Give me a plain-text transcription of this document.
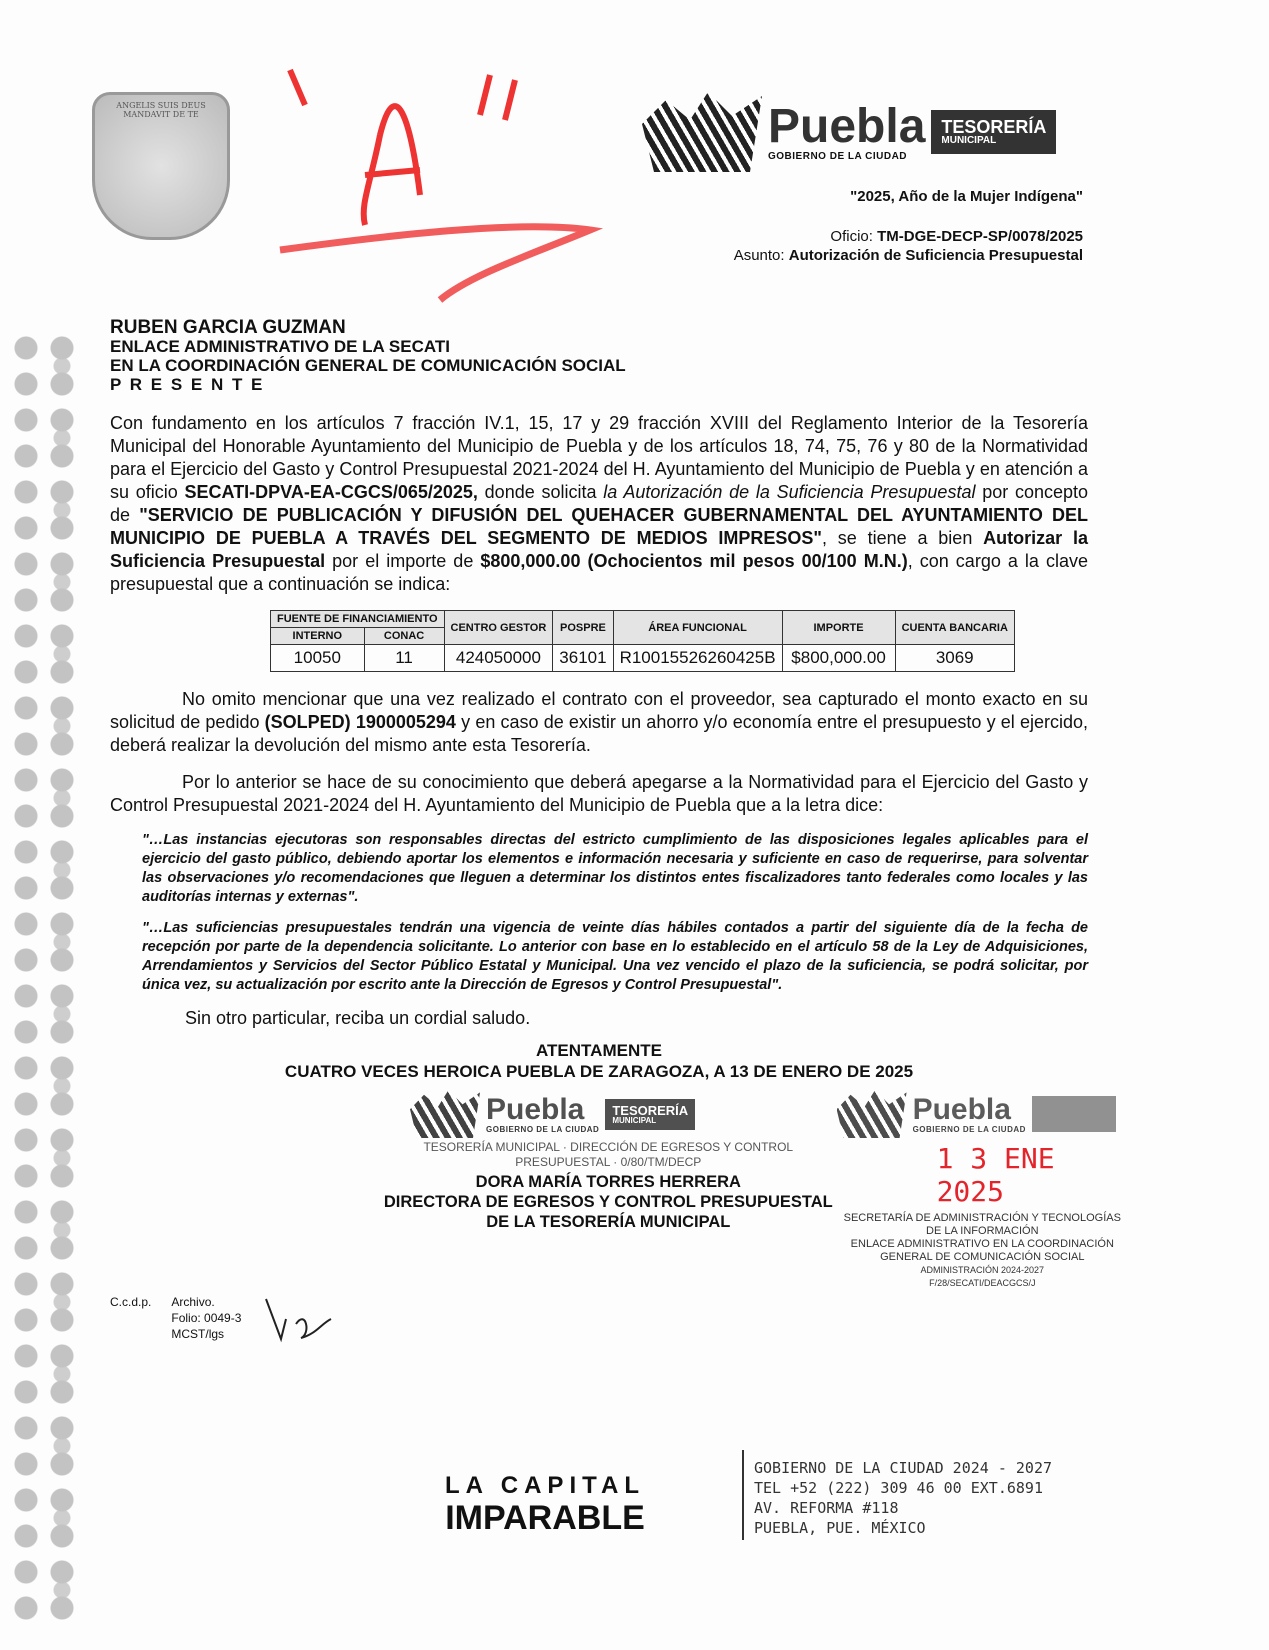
ANGELIS SUIS DEUS MANDAVIT DE TE	Puebla
GOBIERNO DE LA CIUDAD
TESORERÍA
MUNICIPAL
"2025, Año de la Mujer Indígena"
Oficio: TM-DGE-DECP-SP/0078/2025
Asunto: Autorización de Suficiencia Presupuestal
RUBEN GARCIA GUZMAN
ENLACE ADMINISTRATIVO DE LA SECATI
EN LA COORDINACIÓN GENERAL DE COMUNICACIÓN SOCIAL
P R E S E N T E
Con fundamento en los artículos 7 fracción IV.1, 15, 17 y 29 fracción XVIII del Reglamento Interior de la Tesorería Municipal del Honorable Ayuntamiento del Municipio de Puebla y de los artículos 18, 74, 75, 76 y 80 de la Normatividad para el Ejercicio del Gasto y Control Presupuestal 2021-2024 del H. Ayuntamiento del Municipio de Puebla y en atención a su oficio SECATI-DPVA-EA-CGCS/065/2025, donde solicita la Autorización de la Suficiencia Presupuestal por concepto de "SERVICIO DE PUBLICACIÓN Y DIFUSIÓN DEL QUEHACER GUBERNAMENTAL DEL AYUNTAMIENTO DEL MUNICIPIO DE PUEBLA A TRAVÉS DEL SEGMENTO DE MEDIOS IMPRESOS", se tiene a bien Autorizar la Suficiencia Presupuestal por el importe de $800,000.00 (Ochocientos mil pesos 00/100 M.N.), con cargo a la clave presupuestal que a continuación se indica:
FUENTE DE FINANCIAMIENTO		CENTRO GESTOR	POSPRE	ÁREA FUNCIONAL	IMPORTE	CUENTA BANCARIA
INTERNO	CONAC					
10050	11	424050000	36101	R10015526260425B	$800,000.00	3069
No omito mencionar que una vez realizado el contrato con el proveedor, sea capturado el monto exacto en su solicitud de pedido (SOLPED) 1900005294 y en caso de existir un ahorro y/o economía entre el presupuesto y el ejercido, deberá realizar la devolución del mismo ante esta Tesorería.
Por lo anterior se hace de su conocimiento que deberá apegarse a la Normatividad para el Ejercicio del Gasto y Control Presupuestal 2021-2024 del H. Ayuntamiento del Municipio de Puebla que a la letra dice:
"…Las instancias ejecutoras son responsables directas del estricto cumplimiento de las disposiciones legales aplicables para el ejercicio del gasto público, debiendo aportar los elementos e información necesaria y suficiente en caso de requerirse, para solventar las observaciones y/o recomendaciones que lleguen a determinar los distintos entes fiscalizadores tanto federales como locales y las auditorías internas y externas".
"…Las suficiencias presupuestales tendrán una vigencia de veinte días hábiles contados a partir del siguiente día de la fecha de recepción por parte de la dependencia solicitante. Lo anterior con base en lo establecido en el artículo 58 de la Ley de Adquisiciones, Arrendamientos y Servicios del Sector Público Estatal y Municipal. Una vez vencido el plazo de la suficiencia, se podrá solicitar, por única vez, su actualización por escrito ante la Dirección de Egresos y Control Presupuestal".
Sin otro particular, reciba un cordial saludo.
ATENTAMENTE
CUATRO VECES HEROICA PUEBLA DE ZARAGOZA, A 13 DE ENERO DE 2025
Puebla
GOBIERNO DE LA CIUDAD
TESORERÍA
MUNICIPAL
TESORERÍA MUNICIPAL · DIRECCIÓN DE EGRESOS Y CONTROL PRESUPUESTAL · 0/80/TM/DECP
DORA MARÍA TORRES HERRERA
DIRECTORA DE EGRESOS Y CONTROL PRESUPUESTAL
DE LA TESORERÍA MUNICIPAL
Puebla
GOBIERNO DE LA CIUDAD
1 3 ENE 2025
SECRETARÍA DE ADMINISTRACIÓN Y TECNOLOGÍAS
DE LA INFORMACIÓN
ENLACE ADMINISTRATIVO EN LA COORDINACIÓN
GENERAL DE COMUNICACIÓN SOCIAL
ADMINISTRACIÓN 2024-2027
F/28/SECATI/DEACGCS/J
C.c.d.p. Archivo.
Folio: 0049-3
MCST/lgs
LA CAPITAL
IMPARABLE
GOBIERNO DE LA CIUDAD 2024 - 2027
TEL +52 (222) 309 46 00 EXT.6891
AV. REFORMA #118
PUEBLA, PUE. MÉXICO
